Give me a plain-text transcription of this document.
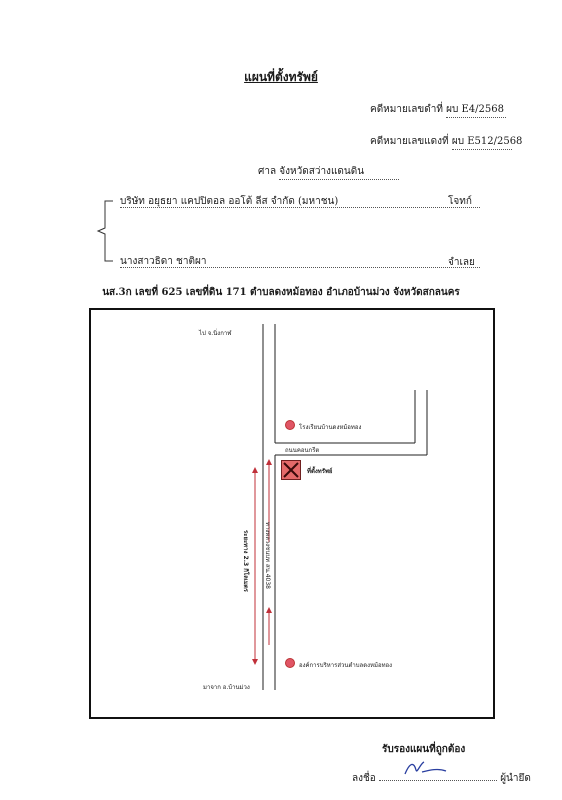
แผนที่ตั้งทรัพย์
คดีหมายเลขดำที่ ผบ E4/2568
คดีหมายเลขแดงที่ ผบ E512/2568
ศาล จังหวัดสว่างแดนดิน
บริษัท อยุธยา แคปปิตอล ออโต้ ลีส จำกัด (มหาชน)	โจทก์
นางสาวธิดา ชาติผา	จำเลย
นส.3ก เลขที่ 625 เลขที่ดิน 171 ตำบลดงหม้อทอง อำเภอบ้านม่วง จังหวัดสกลนคร
ไป จ.นิ่งกาฬ
โรงเรียนบ้านดงหม้อทอง
ถนนคอนกรีต
ที่ตั้งทรัพย์
ทางหลวงชนบท สน.4038
ระยะทาง 2.3 กิโลเมตร
องค์การบริหารส่วนตำบลดงหม้อทอง
มาจาก อ.บ้านม่วง
รับรองแผนที่ถูกต้อง
ลงชื่อ	ผู้นำยึด
